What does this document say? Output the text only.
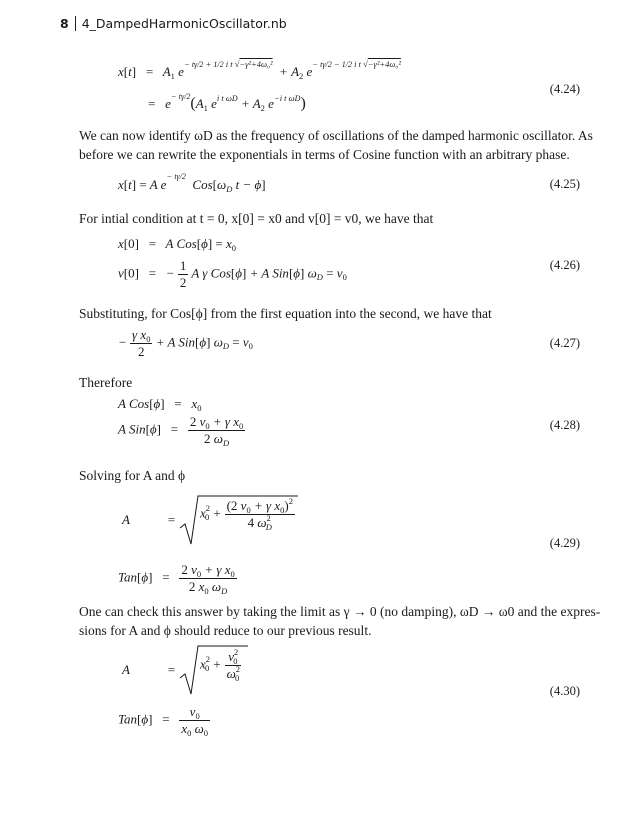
8 4_DampedHarmonicOscillator.nb
$x[t] = A_1$ $e^{- t\gamma/2 + 1/2 i t √-\gamma^2+4\omega_0^2} + A_2$ $e^{- t\gamma/2 - 1/2 i t √-\gamma^2+4\omega_0^2}$
=   $e^{- t\gamma/2}(A_1$ $e^{i t \omega D} + A_2$ $e^{-i t \omega D}$)
(4.24)
We can now identify ωD as the frequency of oscillations of the damped harmonic oscillator. As
before we can rewrite the exponentials in terms of Cosine function with an arbitrary phase.
x[t] = A $e^{- t\gamma/2}$  $Cos[\omega_D$ t − ϕ]	(4.25)
For intial condition at t = 0, x[0] = x0 and v[0] = v0, we have that
x[0] =   A $Cos[\phi] = x_0$
v[0] =   − $\frac{1}{2}$ A γ Cos[ϕ] + A Sin[ϕ] $\omega_D = v_0$
(4.26)
Substituting, for Cos[ϕ] from the first equation into the second, we have that
− $\frac{\gamma x_0}{2} + A$ Sin[ϕ] $\omega_D = v_0$	(4.27)
Therefore
A $Cos[\phi] = x_0$
A $Sin[\phi] = \frac{2 v_0 + \gamma x_0}{2 \omega_D}$	(4.28)
Solving for A and ϕ
A	= $x^2_0 + \frac{(2 v_0 + \gamma x_0)^2}{4 \omega^2_D}$
$Tan[\phi] = \frac{2 v_0 + \gamma x_0}{2 x_0 \omega_D}$
(4.29)
One can check this answer by taking the limit as γ → 0 (no damping), ωD → ω0 and the expres-
sions for A and ϕ should reduce to our previous result.
A	= $x^2_0 + \frac{v^2_0}{\omega^2_0}$
$Tan[\phi] = \frac{v_0}{x_0 \omega_0}$
(4.30)
